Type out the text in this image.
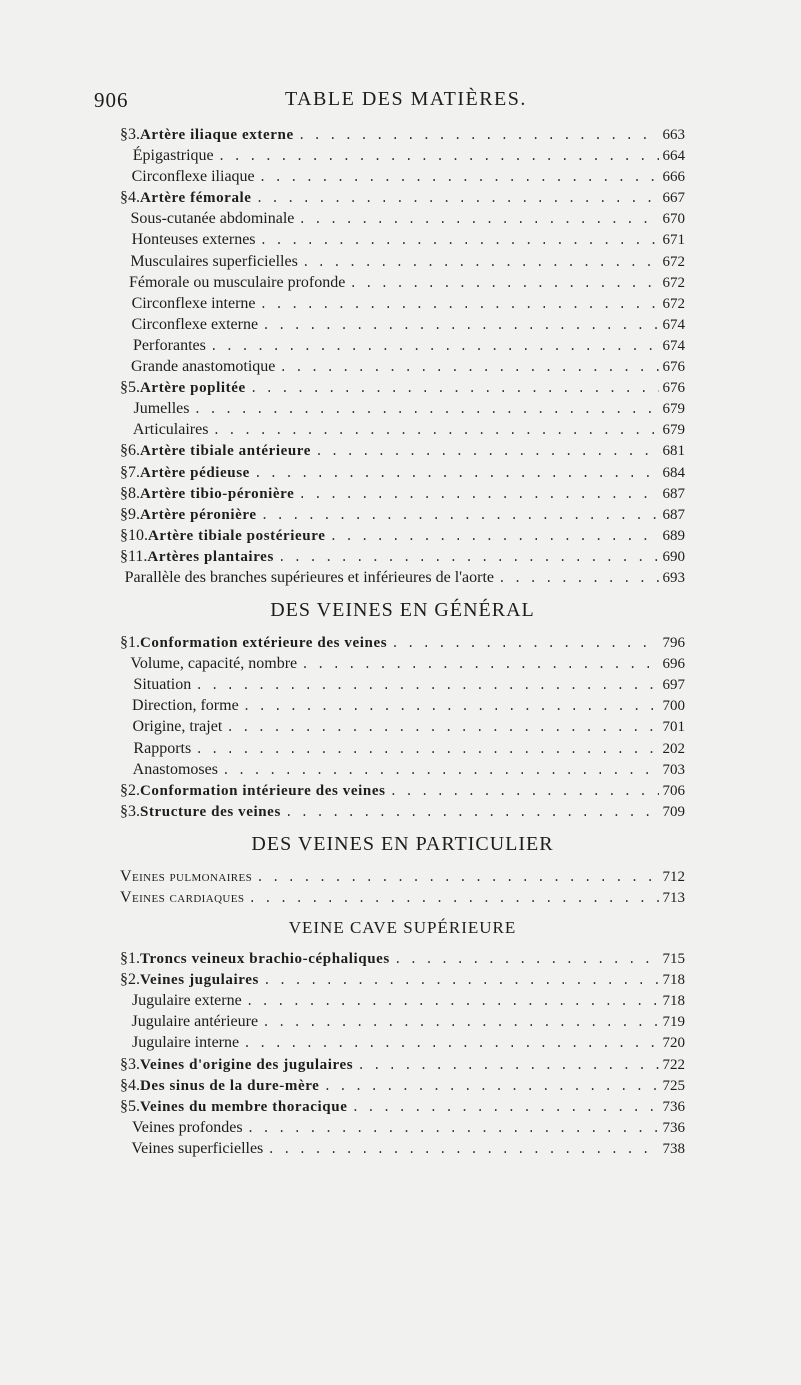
906	TABLE DES MATIÈRES.
§ 3. Artère iliaque externe . . .	663
Épigastrique . . .	664
Circonflexe iliaque . . .	666
§ 4. Artère fémorale . . .	667
Sous-cutanée abdominale . . .	670
Honteuses externes . . .	671
Musculaires superficielles . . .	672
Fémorale ou musculaire profonde . . .	672
Circonflexe interne . . .	672
Circonflexe externe . . .	674
Perforantes . . .	674
Grande anastomotique . . .	676
§ 5. Artère poplitée . . .	676
Jumelles . . .	679
Articulaires . . .	679
§ 6. Artère tibiale antérieure . . .	681
§ 7. Artère pédieuse . . .	684
§ 8. Artère tibio-péronière . . .	687
§ 9. Artère péronière . . .	687
§ 10. Artère tibiale postérieure . . .	689
§ 11. Artères plantaires . . .	690
Parallèle des branches supérieures et inférieures de l'aorte . . .	693
DES VEINES EN GÉNÉRAL
§ 1. Conformation extérieure des veines . . .	796
Volume, capacité, nombre . . .	696
Situation . . .	697
Direction, forme . . .	700
Origine, trajet . . .	701
Rapports . . .	202
Anastomoses . . .	703
§ 2. Conformation intérieure des veines . . .	706
§ 3. Structure des veines . . .	709
DES VEINES EN PARTICULIER
Veines pulmonaires . . .	712
Veines cardiaques . . .	713
VEINE CAVE SUPÉRIEURE
§ 1. Troncs veineux brachio-céphaliques . . .	715
§ 2. Veines jugulaires . . .	718
Jugulaire externe . . .	718
Jugulaire antérieure . . .	719
Jugulaire interne . . .	720
§ 3. Veines d'origine des jugulaires . . .	722
§ 4. Des sinus de la dure-mère . . .	725
§ 5. Veines du membre thoracique . . .	736
Veines profondes . . .	736
Veines superficielles . . .	738
